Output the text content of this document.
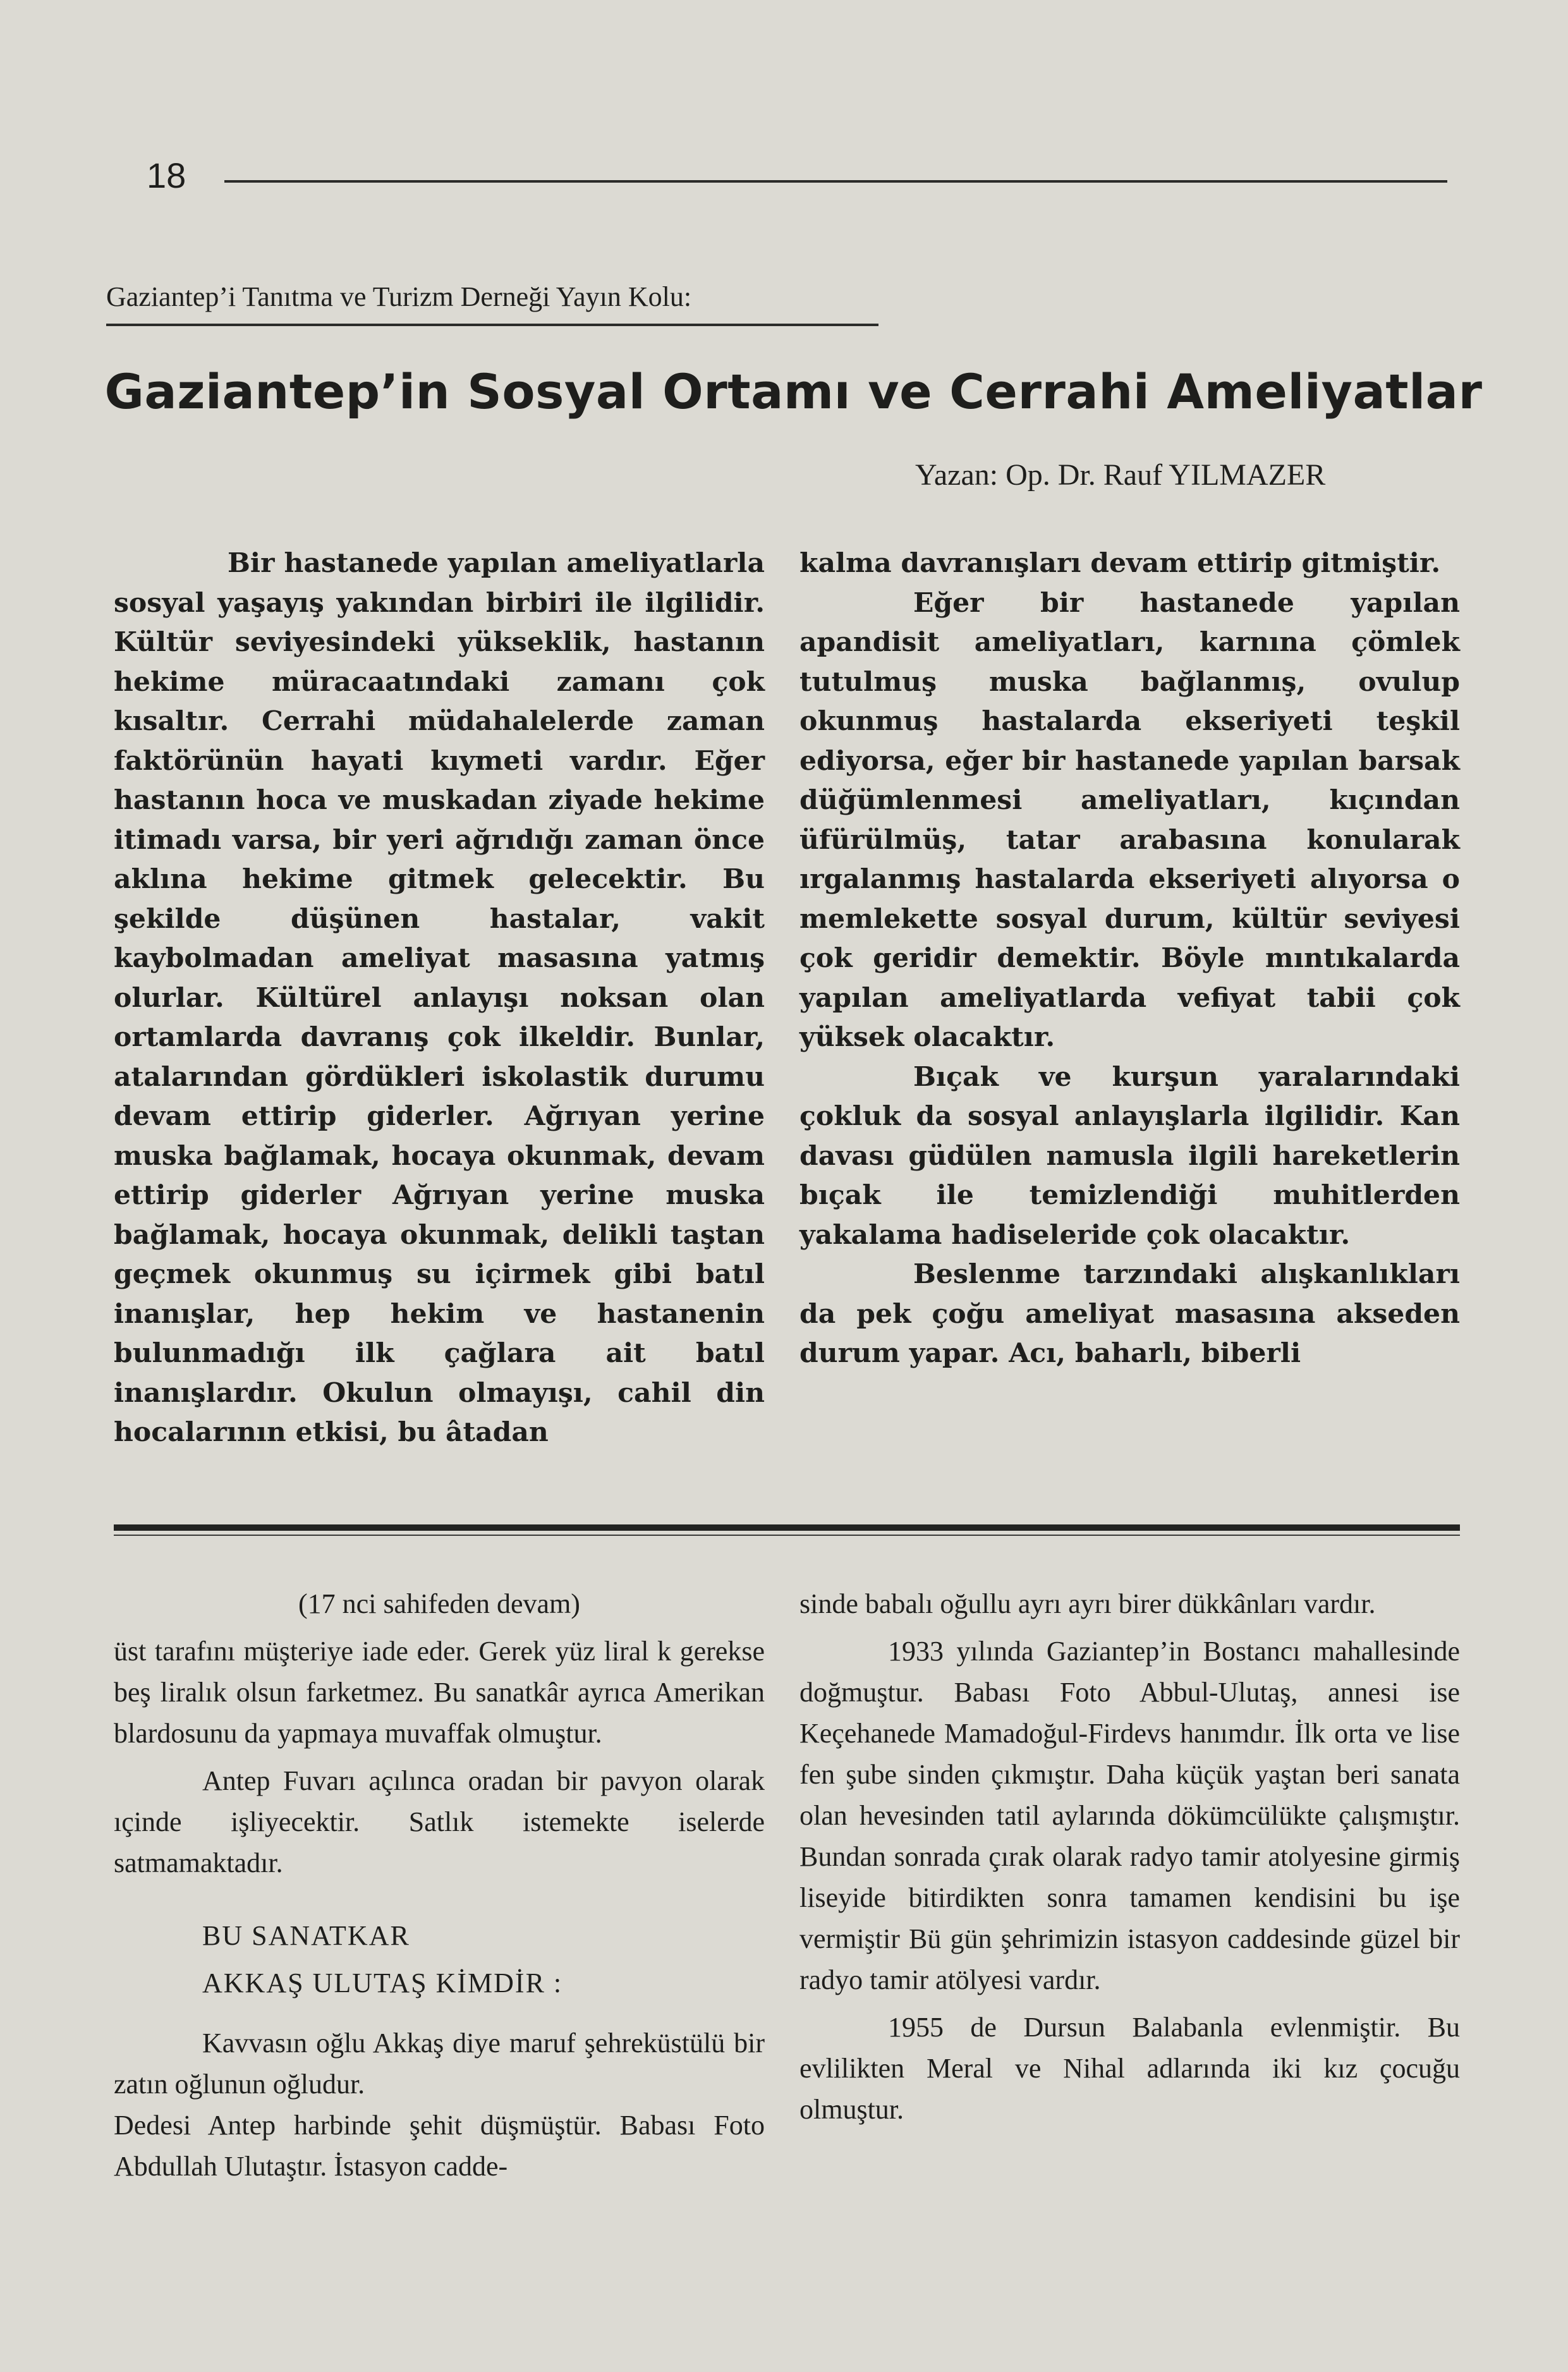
18
Gaziantep’i Tanıtma ve Turizm Derneği Yayın Kolu:
Gaziantep’in Sosyal Ortamı ve Cerrahi Ameliyatlar
Yazan: Op. Dr. Rauf YILMAZER

Bir hastanede yapılan ameliyatlarla sosyal yaşayış yakından birbiri ile ilgilidir. Kültür seviyesindeki yükseklik, hastanın hekime müracaatındaki zamanı çok kısaltır. Cerrahi müdahalelerde zaman faktörünün hayati kıymeti vardır. Eğer hastanın hoca ve muskadan ziyade hekime itimadı varsa, bir yeri ağrıdığı zaman önce aklına hekime gitmek gelecektir. Bu şekilde düşünen hastalar, vakit kaybolmadan ameliyat masasına yatmış olurlar. Kültürel anlayışı noksan olan ortamlarda davranış çok ilkeldir. Bunlar, atalarından gördükleri iskolastik durumu devam ettirip giderler. Ağrıyan yerine muska bağlamak, hocaya okunmak, devam ettirip giderler Ağrıyan yerine muska bağlamak, hocaya okunmak, delikli taştan geçmek okunmuş su içirmek gibi batıl inanışlar, hep hekim ve hastanenin bulunmadığı ilk çağlara ait batıl inanışlardır. Okulun olmayışı, cahil din hocalarının etkisi, bu âtadan

kalma davranışları devam ettirip gitmiştir.

Eğer bir hastanede yapılan apandisit ameliyatları, karnına çömlek tutulmuş muska bağlanmış, ovulup okunmuş hastalarda ekseriyeti teşkil ediyorsa, eğer bir hastanede yapılan barsak düğümlenmesi ameliyatları, kıçından üfürülmüş, tatar arabasına konularak ırgalanmış hastalarda ekseriyeti alıyorsa o memlekette sosyal durum, kültür seviyesi çok geridir demektir. Böyle mıntıkalarda yapılan ameliyatlarda vefiyat tabii çok yüksek olacaktır.

Bıçak ve kurşun yaralarındaki çokluk da sosyal anlayışlarla ilgilidir. Kan davası güdülen namusla ilgili hareketlerin bıçak ile temizlendiği muhitlerden yakalama hadiseleride çok olacaktır.

Beslenme tarzındaki alışkanlıkları da pek çoğu ameliyat masasına akseden durum yapar. Acı, baharlı, biberli

(17 nci sahifeden devam)

üst tarafını müşteriye iade eder. Gerek yüz liral k gerekse beş liralık olsun farketmez. Bu sanatkâr ayrıca Amerikan blardosunu da yapmaya muvaffak olmuştur.

Antep Fuvarı açılınca oradan bir pavyon olarak ıçinde işliyecektir. Satlık istemekte iselerde satmamaktadır.

BU SANATKAR

AKKAŞ ULUTAŞ KİMDİR :

Kavvasın oğlu Akkaş diye maruf şehreküstülü bir zatın oğlunun oğludur.

Dedesi Antep harbinde şehit düşmüştür. Babası Foto Abdullah Ulutaştır. İstasyon cadde-

sinde babalı oğullu ayrı ayrı birer dükkânları vardır.

1933 yılında Gaziantep’in Bostancı mahallesinde doğmuştur. Babası Foto Abbul-Ulutaş, annesi ise Keçehanede Mamadoğul-Firdevs hanımdır. İlk orta ve lise fen şube sinden çıkmıştır. Daha küçük yaştan beri sanata olan hevesinden tatil aylarında dökümcülükte çalışmıştır. Bundan sonrada çırak olarak radyo tamir atolyesine girmiş liseyide bitirdikten sonra tamamen kendisini bu işe vermiştir Bü gün şehrimizin istasyon caddesinde güzel bir radyo tamir atölyesi vardır.

1955 de Dursun Balabanla evlenmiştir. Bu evlilikten Meral ve Nihal adlarında iki kız çocuğu olmuştur.
